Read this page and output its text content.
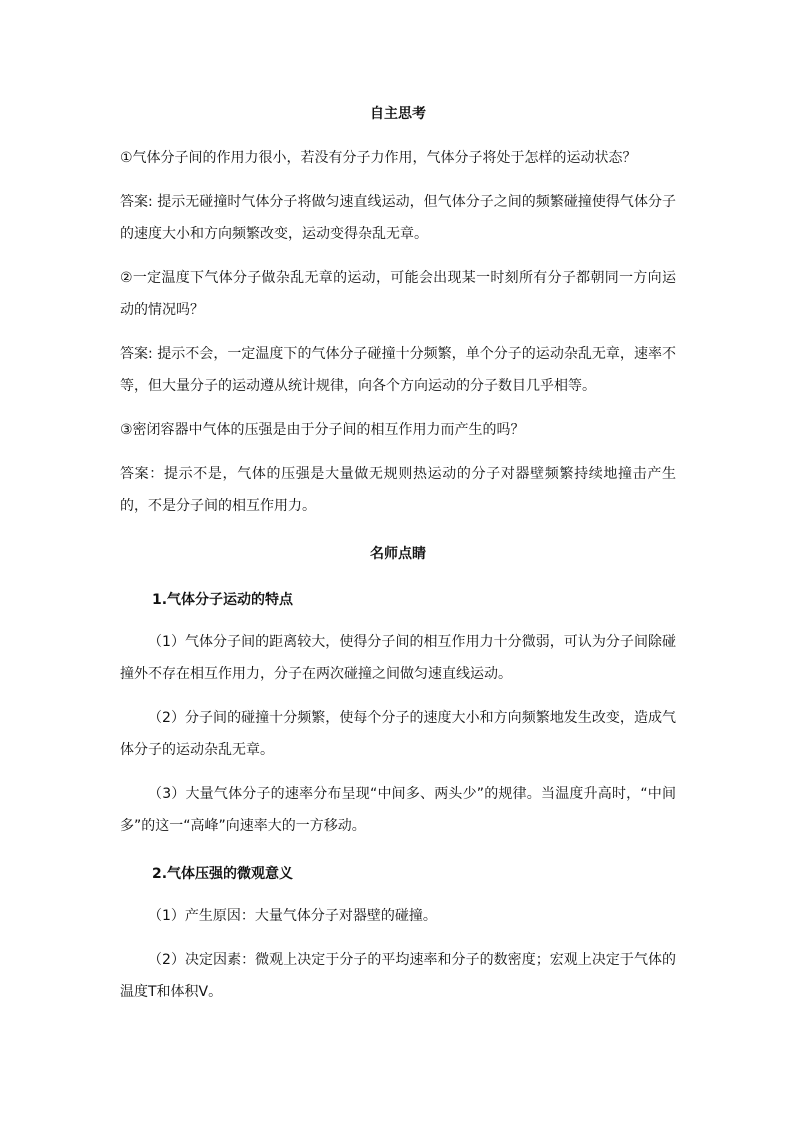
自主思考

①气体分子间的作用力很小，若没有分子力作用，气体分子将处于怎样的运动状态？

答案: 提示无碰撞时气体分子将做匀速直线运动，但气体分子之间的频繁碰撞使得气体分子的速度大小和方向频繁改变，运动变得杂乱无章。

②一定温度下气体分子做杂乱无章的运动，可能会出现某一时刻所有分子都朝同一方向运动的情况吗？

答案: 提示不会，一定温度下的气体分子碰撞十分频繁，单个分子的运动杂乱无章，速率不等，但大量分子的运动遵从统计规律，向各个方向运动的分子数目几乎相等。

③密闭容器中气体的压强是由于分子间的相互作用力而产生的吗？

答案：提示不是，气体的压强是大量做无规则热运动的分子对器壁频繁持续地撞击产生的，不是分子间的相互作用力。

名师点睛

1.气体分子运动的特点

（1）气体分子间的距离较大，使得分子间的相互作用力十分微弱，可认为分子间除碰撞外不存在相互作用力，分子在两次碰撞之间做匀速直线运动。

（2）分子间的碰撞十分频繁，使每个分子的速度大小和方向频繁地发生改变，造成气体分子的运动杂乱无章。

（3）大量气体分子的速率分布呈现“中间多、两头少”的规律。当温度升高时，“中间多”的这一“高峰”向速率大的一方移动。

2.气体压强的微观意义

（1）产生原因：大量气体分子对器壁的碰撞。

（2）决定因素：微观上决定于分子的平均速率和分子的数密度；宏观上决定于气体的温度T和体积V。
